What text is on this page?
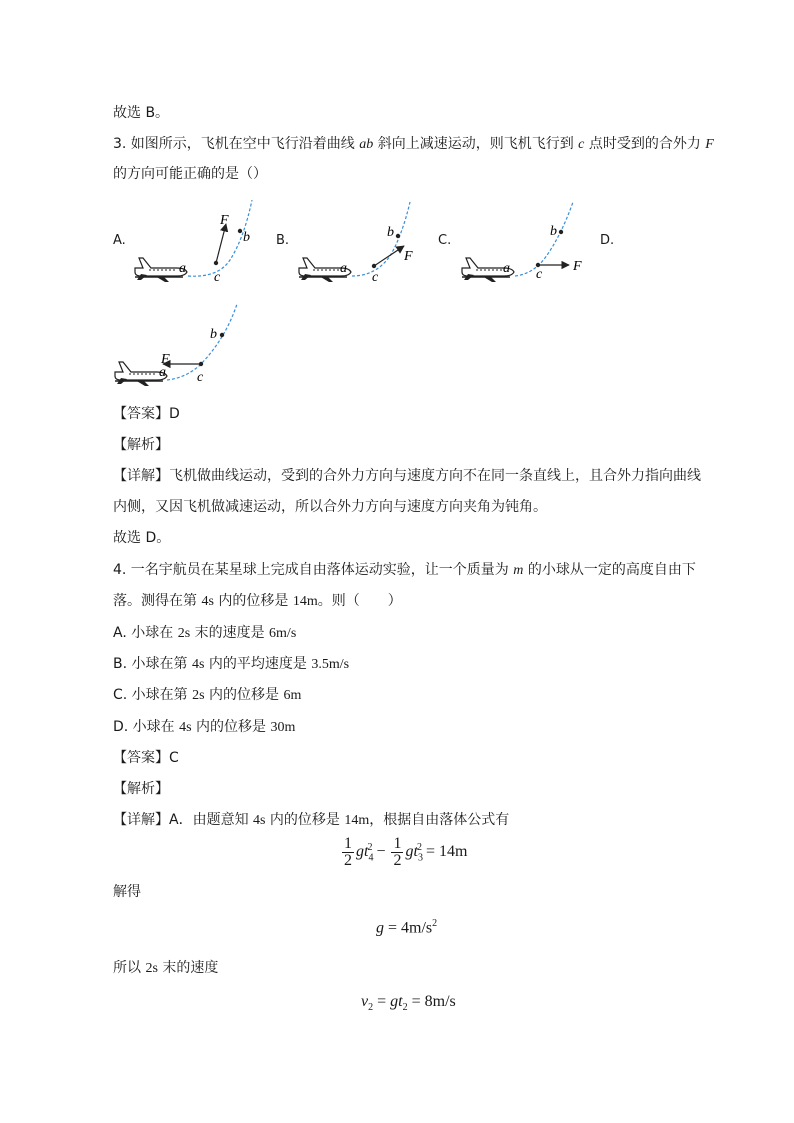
故选 B。
3. 如图所示，飞机在空中飞行沿着曲线 ab 斜向上减速运动，则飞机飞行到 c 点时受到的合外力 F
的方向可能正确的是（）
A.	B.	C.	D.
a
c
b
F
a
c
b
F
a c
b
F
a c
b
F
【答案】D
【解析】
【详解】飞机做曲线运动，受到的合外力方向与速度方向不在同一条直线上，且合外力指向曲线
内侧，又因飞机做减速运动，所以合外力方向与速度方向夹角为钝角。
故选 D。
4. 一名宇航员在某星球上完成自由落体运动实验，让一个质量为 m 的小球从一定的高度自由下
落。测得在第 4s 内的位移是 14m。则（　　）
A. 小球在 2s 末的速度是 6m/s
B. 小球在第 4s 内的平均速度是 3.5m/s
C. 小球在第 2s 内的位移是 6m
D. 小球在 4s 内的位移是 30m
【答案】C
【解析】
【详解】A．由题意知 4s 内的位移是 14m，根据自由落体公式有
$\frac{1}{2} gt_4^2 - \frac{1}{2} gt_3^2 = 14m$
解得
$g = 4m/s^2$
所以 2s 末的速度
$v_2 = gt_2 = 8m/s$
